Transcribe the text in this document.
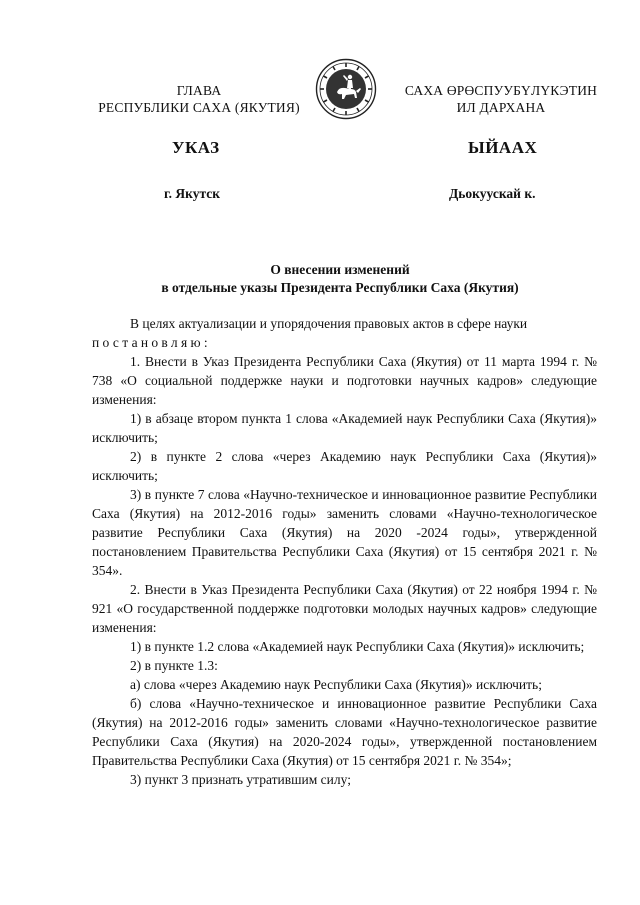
ГЛАВА
РЕСПУБЛИКИ САХА (ЯКУТИЯ)
САХА ӨРӨСПУУБҮЛҮКЭТИН
ИЛ ДАРХАНА
УКАЗ	ЫЙААХ
г. Якутск	Дьокуускай к.
О внесении изменений
в отдельные указы Президента Республики Саха (Якутия)

В целях актуализации и упорядочения правовых актов в сфере науки

постановляю:

1. Внести в Указ Президента Республики Саха (Якутия) от 11 марта 1994 г. № 738 «О социальной поддержке науки и подготовки научных кадров» следующие изменения:

1) в абзаце втором пункта 1 слова «Академией наук Республики Саха (Якутия)» исключить;

2) в пункте 2 слова «через Академию наук Республики Саха (Якутия)» исключить;

3) в пункте 7 слова «Научно-техническое и инновационное развитие Республики Саха (Якутия) на 2012-2016 годы» заменить словами «Научно-технологическое развитие Республики Саха (Якутия) на 2020 -2024 годы», утвержденной постановлением Правительства Республики Саха (Якутия) от 15 сентября 2021 г. № 354».

2. Внести в Указ Президента Республики Саха (Якутия) от 22 ноября 1994 г. № 921 «О государственной поддержке подготовки молодых научных кадров» следующие изменения:

1) в пункте 1.2 слова «Академией наук Республики Саха (Якутия)» исключить;

2) в пункте 1.3:

а) слова «через Академию наук Республики Саха (Якутия)» исключить;

б) слова «Научно-техническое и инновационное развитие Республики Саха (Якутия) на 2012-2016 годы» заменить словами «Научно-технологическое развитие Республики Саха (Якутия) на 2020-2024 годы», утвержденной постановлением Правительства Республики Саха (Якутия) от 15 сентября 2021 г. № 354»;

3) пункт 3 признать утратившим силу;
